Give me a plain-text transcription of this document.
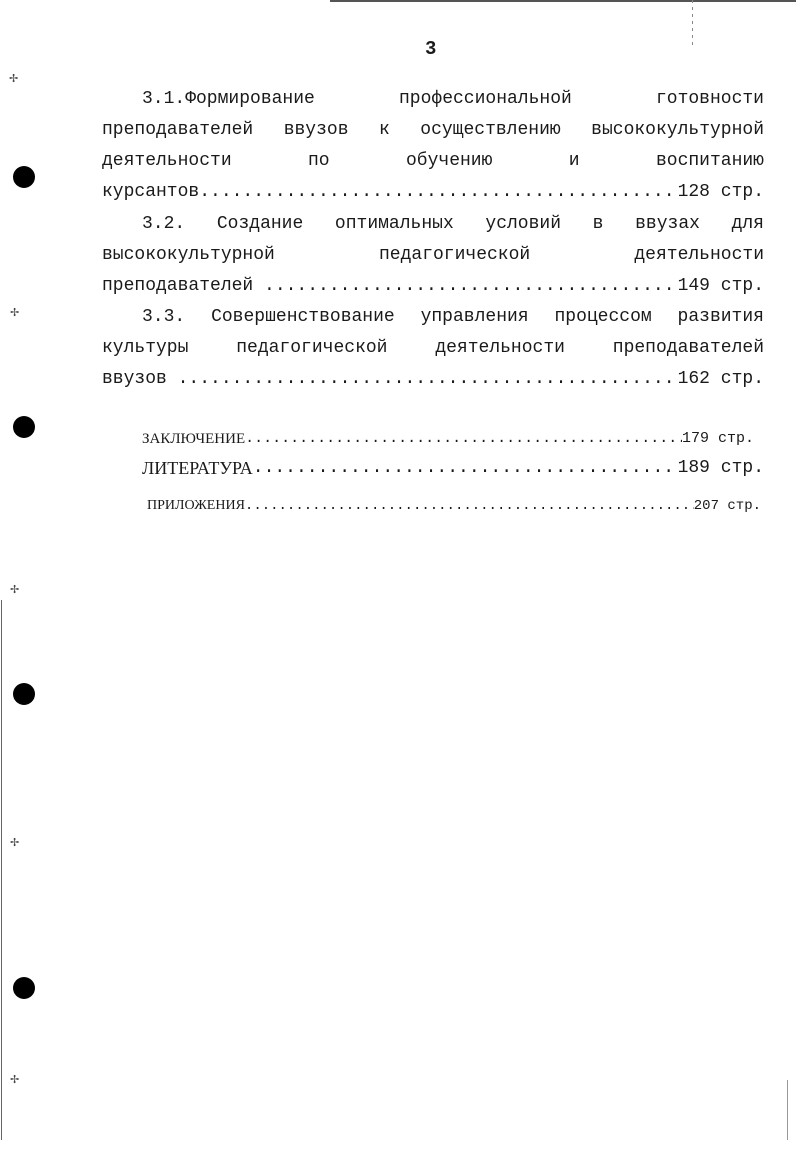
✢
✢
✢
✢
✢
3
3.1.Формирование	профессиональной	готовности
преподавателей ввузов к осуществлению высококультурной
деятельности	по	обучению	и	воспитанию
курсантов .....	128 стр.
3.2. Создание оптимальных условий в ввузах для
высококультурной	педагогической	деятельности
преподавателей .....	149 стр.
3.3. Совершенствование управления процессом развития
культуры	педагогической	деятельности	преподавателей
ввузов .....	162 стр.
ЗАКЛЮЧЕНИЕ .....	179 стр.
ЛИТЕРАТУРА .....	189 стр.
ПРИЛОЖЕНИЯ .....	207 стр.
